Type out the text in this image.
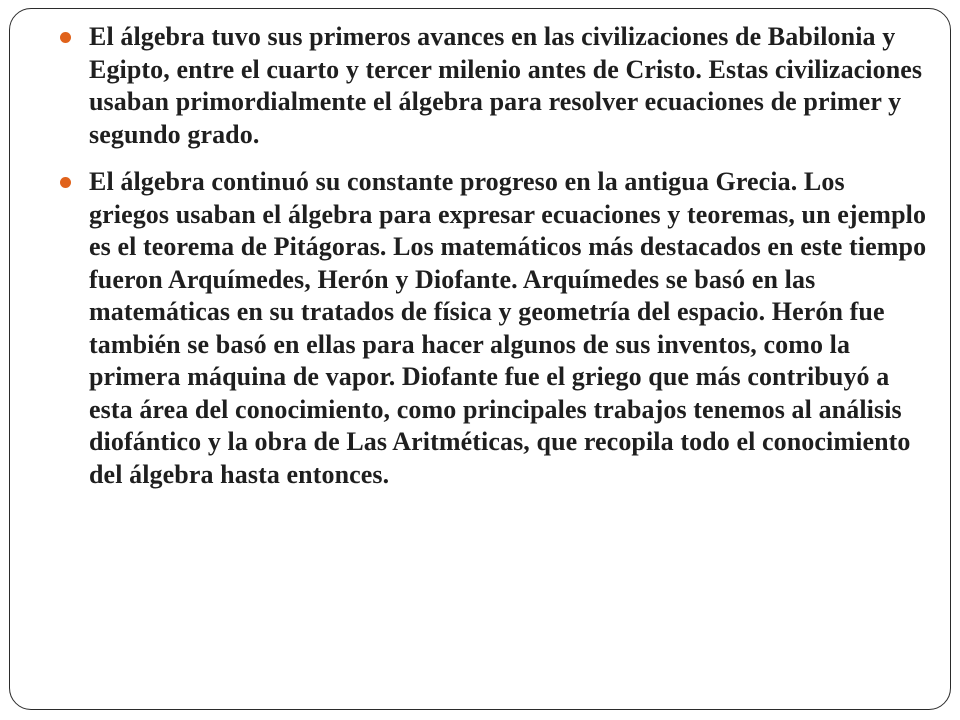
El álgebra tuvo sus primeros avances en las civilizaciones de Babilonia y Egipto, entre el cuarto y tercer milenio antes de Cristo. Estas civilizaciones usaban primordialmente el álgebra para resolver ecuaciones de primer y segundo grado.
El álgebra continuó su constante progreso en la antigua Grecia. Los griegos usaban el álgebra para expresar ecuaciones y teoremas, un ejemplo es el teorema de Pitágoras. Los matemáticos más destacados en este tiempo fueron Arquímedes, Herón y Diofante. Arquímedes se basó en las matemáticas en su tratados de física y geometría del espacio. Herón fue también se basó en ellas para hacer algunos de sus inventos, como la primera máquina de vapor. Diofante fue el griego que más contribuyó a esta área del conocimiento, como principales trabajos tenemos al análisis diofántico y la obra de Las Aritméticas, que recopila todo el conocimiento del álgebra hasta entonces.
